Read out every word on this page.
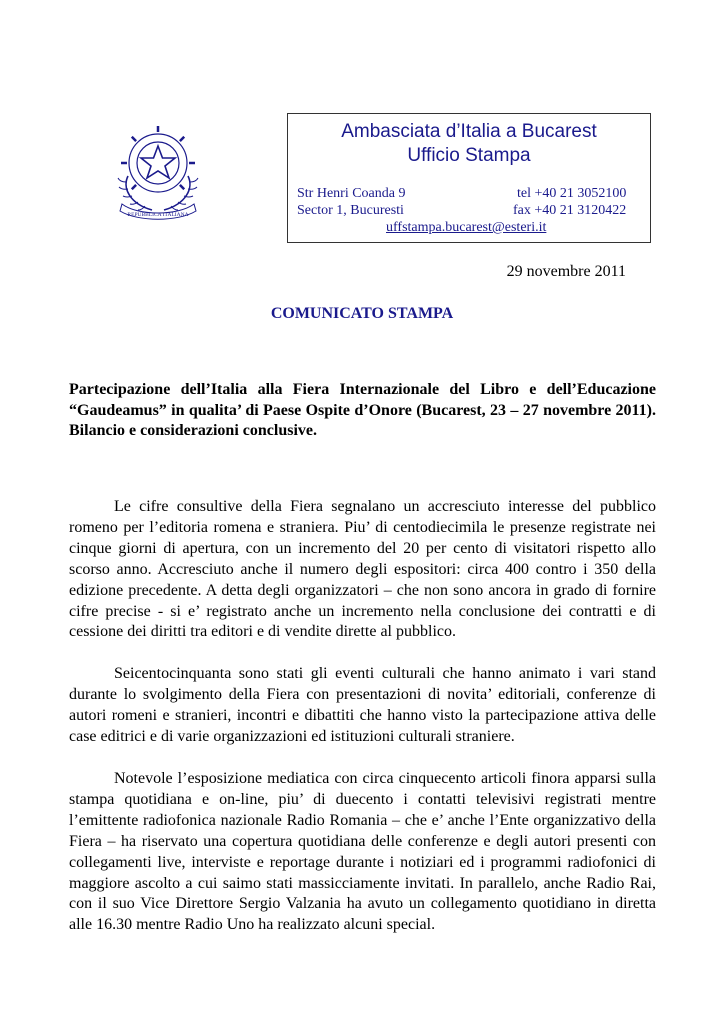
REPUBBLICA ITALIANA
Ambasciata d’Italia a Bucarest
Ufficio Stampa
Str Henri Coanda 9
Sector 1, Bucuresti
tel +40 21 3052100
fax +40 21 3120422
uffstampa.bucarest@esteri.it
29 novembre 2011
COMUNICATO STAMPA
Partecipazione dell’Italia alla Fiera Internazionale del Libro e dell’Educazione “Gaudeamus” in qualita’ di Paese Ospite d’Onore (Bucarest, 23 – 27 novembre 2011). Bilancio e considerazioni conclusive.

Le cifre consultive della Fiera segnalano un accresciuto interesse del pubblico romeno per l’editoria romena e straniera. Piu’ di centodiecimila le presenze registrate nei cinque giorni di apertura, con un incremento del 20 per cento di visitatori rispetto allo scorso anno. Accresciuto anche il numero degli espositori: circa 400 contro i 350 della edizione precedente. A detta degli organizzatori – che non sono ancora in grado di fornire cifre precise - si e’ registrato anche un incremento nella conclusione dei contratti e di cessione dei diritti tra editori e di vendite dirette al pubblico.

Seicentocinquanta sono stati gli eventi culturali che hanno animato i vari stand durante lo svolgimento della Fiera con presentazioni di novita’ editoriali, conferenze di autori romeni e stranieri, incontri e dibattiti che hanno visto la partecipazione attiva delle case editrici e di varie organizzazioni ed istituzioni culturali straniere.

Notevole l’esposizione mediatica con circa cinquecento articoli finora apparsi sulla stampa quotidiana e on-line, piu’ di duecento i contatti televisivi registrati mentre l’emittente radiofonica nazionale Radio Romania – che e’ anche l’Ente organizzativo della Fiera – ha riservato una copertura quotidiana delle conferenze e degli autori presenti con collegamenti live, interviste e reportage durante i notiziari ed i programmi radiofonici di maggiore ascolto a cui saimo stati massicciamente invitati. In parallelo, anche Radio Rai, con il suo Vice Direttore Sergio Valzania ha avuto un collegamento quotidiano in diretta alle 16.30 mentre Radio Uno ha realizzato alcuni special.
